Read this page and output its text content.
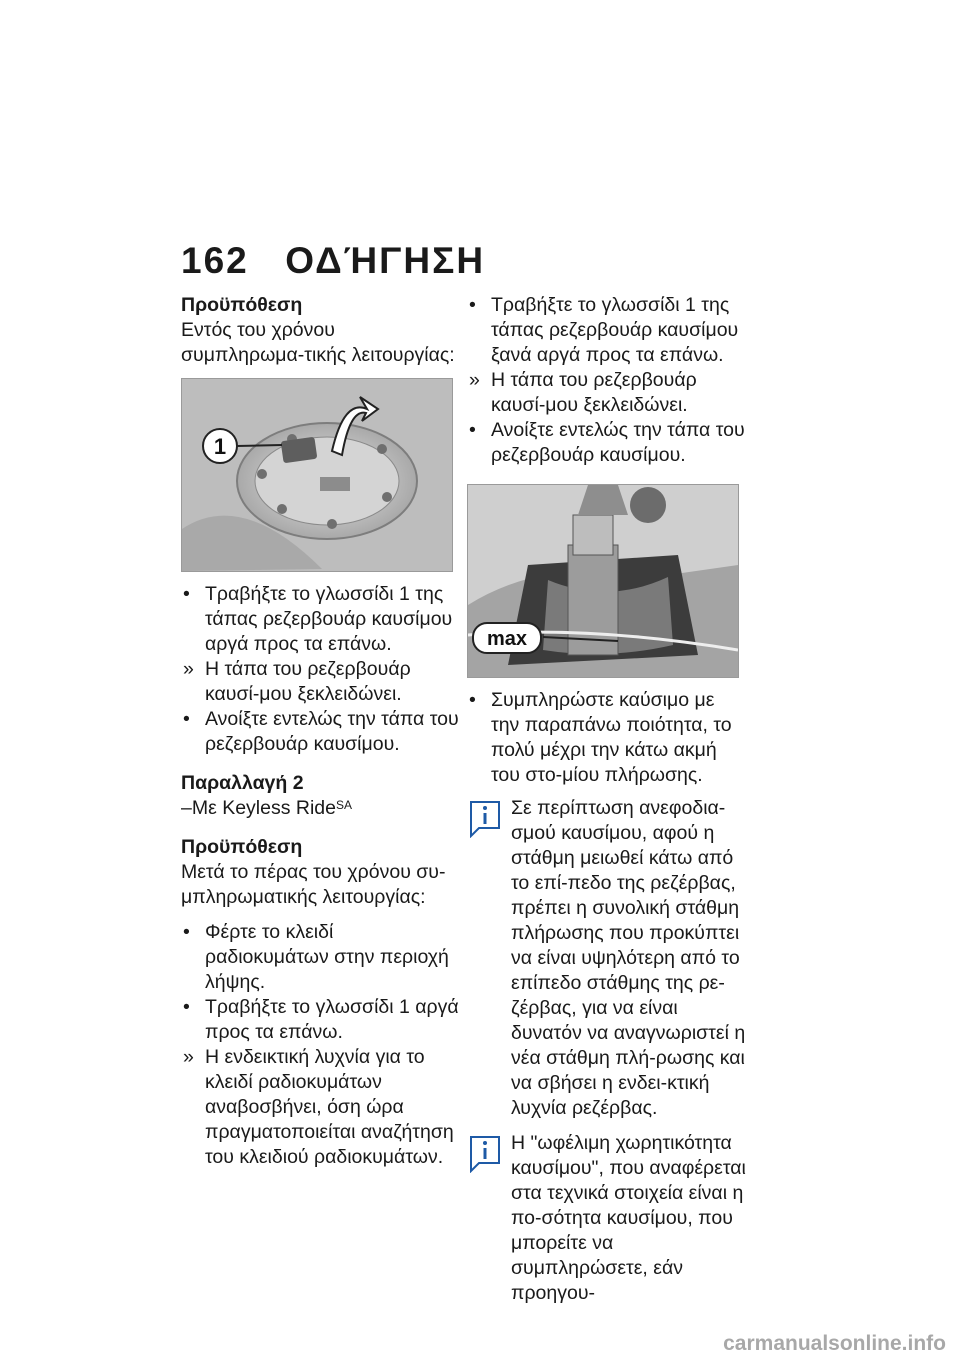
162 ΟΔΉΓΗΣΗ

Προϋπόθεση

Εντός του χρόνου συμπληρωμα-τικής λειτουργίας:

1

• Τραβήξτε το γλωσσίδι 1 της τάπας ρεζερβουάρ καυσίμου αργά προς τα επάνω.

» Η τάπα του ρεζερβουάρ καυσί-μου ξεκλειδώνει.

• Ανοίξτε εντελώς την τάπα του ρεζερβουάρ καυσίμου.

Παραλλαγή 2

–Με Keyless Ride$^{SA}$

Προϋπόθεση

Μετά το πέρας του χρόνου συ-μπληρωματικής λειτουργίας:

• Φέρτε το κλειδί ραδιοκυμάτων στην περιοχή λήψης.

• Τραβήξτε το γλωσσίδι 1 αργά προς τα επάνω.

» Η ενδεικτική λυχνία για το κλειδί ραδιοκυμάτων αναβοσβήνει, όση ώρα πραγματοποιείται αναζήτηση του κλειδιού ραδιοκυμάτων.

• Τραβήξτε το γλωσσίδι 1 της τάπας ρεζερβουάρ καυσίμου ξανά αργά προς τα επάνω.

» Η τάπα του ρεζερβουάρ καυσί-μου ξεκλειδώνει.

• Ανοίξτε εντελώς την τάπα του ρεζερβουάρ καυσίμου.

max

• Συμπληρώστε καύσιμο με την παραπάνω ποιότητα, το πολύ μέχρι την κάτω ακμή του στο-μίου πλήρωσης.

Σε περίπτωση ανεφοδια-σμού καυσίμου, αφού η στάθμη μειωθεί κάτω από το επί-πεδο της ρεζέρβας, πρέπει η συνολική στάθμη πλήρωσης που προκύπτει να είναι υψηλότερη από το επίπεδο στάθμης της ρε-ζέρβας, για να είναι δυνατόν να αναγνωριστεί η νέα στάθμη πλή-ρωσης και να σβήσει η ενδει-κτική λυχνία ρεζέρβας.

Η "ωφέλιμη χωρητικότητα καυσίμου", που αναφέρεται στα τεχνικά στοιχεία είναι η πο-σότητα καυσίμου, που μπορείτε να συμπληρώσετε, εάν προηγου-

carmanualsonline.info
